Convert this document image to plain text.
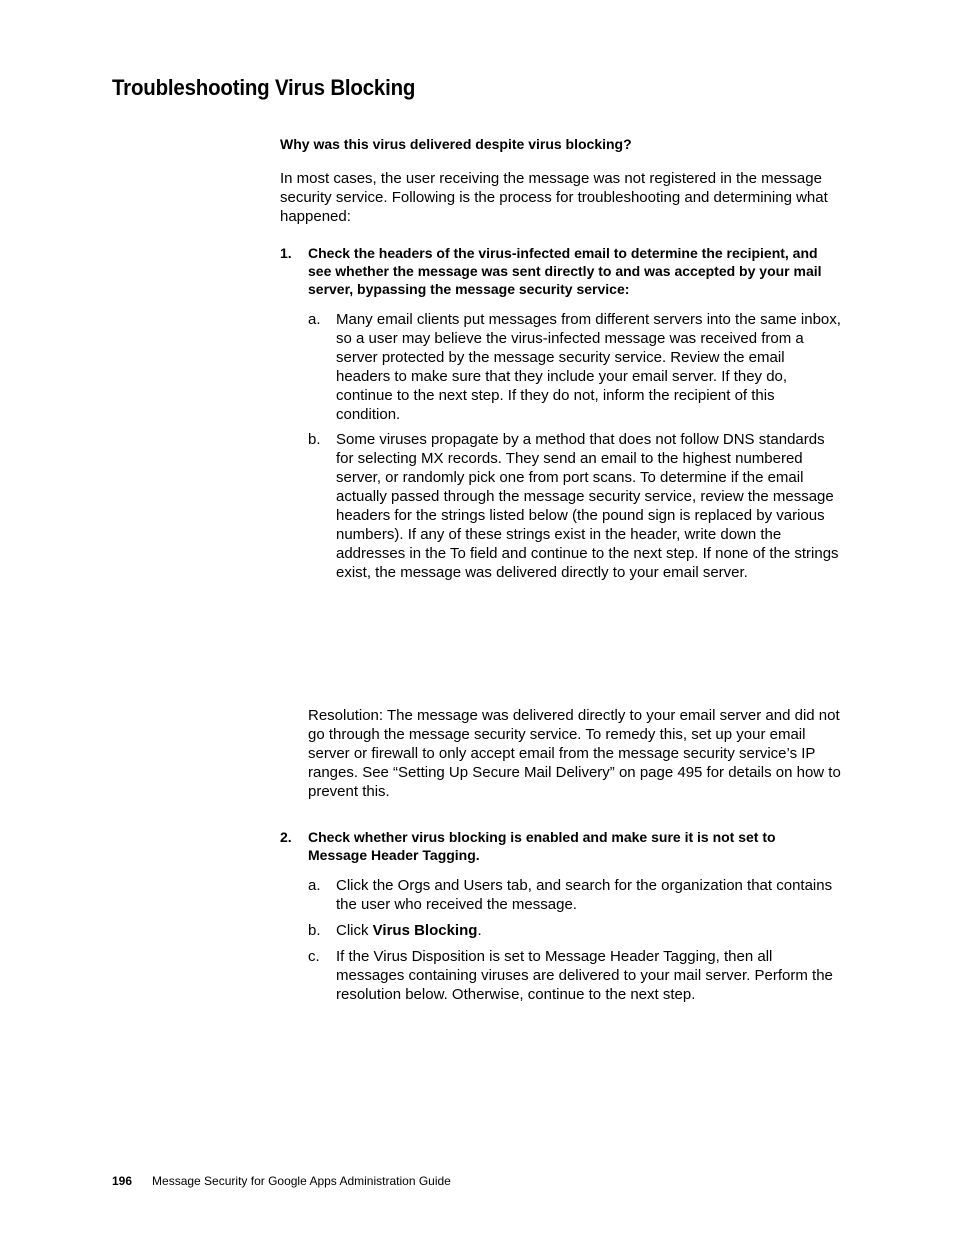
Troubleshooting Virus Blocking

Why was this virus delivered despite virus blocking?

In most cases, the user receiving the message was not registered in the message security service. Following is the process for troubleshooting and determining what happened:

1. Check the headers of the virus-infected email to determine the recipient, and see whether the message was sent directly to and was accepted by your mail server, bypassing the message security service:
a. Many email clients put messages from different servers into the same inbox, so a user may believe the virus-infected message was received from a server protected by the message security service. Review the email headers to make sure that they include your email server. If they do, continue to the next step. If they do not, inform the recipient of this condition.
b. Some viruses propagate by a method that does not follow DNS standards for selecting MX records. They send an email to the highest numbered server, or randomly pick one from port scans. To determine if the email actually passed through the message security service, review the message headers for the strings listed below (the pound sign is replaced by various numbers). If any of these strings exist in the header, write down the addresses in the To field and continue to the next step. If none of the strings exist, the message was delivered directly to your email server.

Resolution: The message was delivered directly to your email server and did not go through the message security service. To remedy this, set up your email server or firewall to only accept email from the message security service’s IP ranges. See “Setting Up Secure Mail Delivery” on page 495 for details on how to prevent this.

2. Check whether virus blocking is enabled and make sure it is not set to Message Header Tagging.
a. Click the Orgs and Users tab, and search for the organization that contains the user who received the message.
b. Click Virus Blocking.
c. If the Virus Disposition is set to Message Header Tagging, then all messages containing viruses are delivered to your mail server. Perform the resolution below. Otherwise, continue to the next step.

196 Message Security for Google Apps Administration Guide
